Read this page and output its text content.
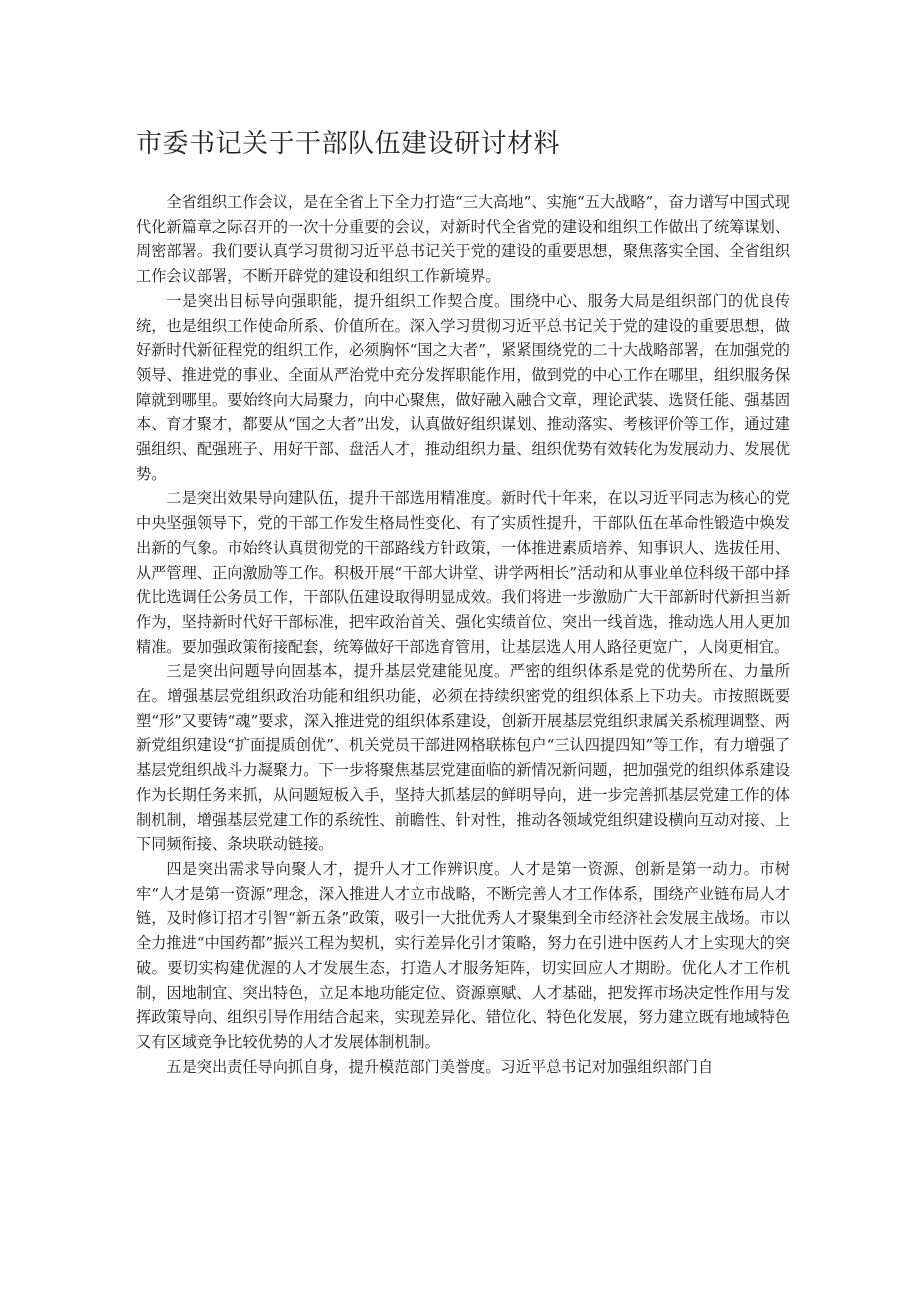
市委书记关于干部队伍建设研讨材料

全省组织工作会议，是在全省上下全力打造“三大高地”、实施“五大战略”，奋力谱写中国式现代化新篇章之际召开的一次十分重要的会议，对新时代全省党的建设和组织工作做出了统筹谋划、周密部署。我们要认真学习贯彻习近平总书记关于党的建设的重要思想，聚焦落实全国、全省组织工作会议部署，不断开辟党的建设和组织工作新境界。

一是突出目标导向强职能，提升组织工作契合度。围绕中心、服务大局是组织部门的优良传统，也是组织工作使命所系、价值所在。深入学习贯彻习近平总书记关于党的建设的重要思想，做好新时代新征程党的组织工作，必须胸怀“国之大者”，紧紧围绕党的二十大战略部署，在加强党的领导、推进党的事业、全面从严治党中充分发挥职能作用，做到党的中心工作在哪里，组织服务保障就到哪里。要始终向大局聚力，向中心聚焦，做好融入融合文章，理论武装、选贤任能、强基固本、育才聚才，都要从“国之大者”出发，认真做好组织谋划、推动落实、考核评价等工作，通过建强组织、配强班子、用好干部、盘活人才，推动组织力量、组织优势有效转化为发展动力、发展优势。

二是突出效果导向建队伍，提升干部选用精准度。新时代十年来，在以习近平同志为核心的党中央坚强领导下，党的干部工作发生格局性变化、有了实质性提升，干部队伍在革命性锻造中焕发出新的气象。市始终认真贯彻党的干部路线方针政策，一体推进素质培养、知事识人、选拔任用、从严管理、正向激励等工作。积极开展“干部大讲堂、讲学两相长”活动和从事业单位科级干部中择优比选调任公务员工作，干部队伍建设取得明显成效。我们将进一步激励广大干部新时代新担当新作为，坚持新时代好干部标准，把牢政治首关、强化实绩首位、突出一线首选，推动选人用人更加精准。要加强政策衔接配套，统筹做好干部选育管用，让基层选人用人路径更宽广，人岗更相宜。

三是突出问题导向固基本，提升基层党建能见度。严密的组织体系是党的优势所在、力量所在。增强基层党组织政治功能和组织功能，必须在持续织密党的组织体系上下功夫。市按照既要塑“形”又要铸“魂”要求，深入推进党的组织体系建设，创新开展基层党组织隶属关系梳理调整、两新党组织建设“扩面提质创优”、机关党员干部进网格联栋包户“三认四提四知”等工作，有力增强了基层党组织战斗力凝聚力。下一步将聚焦基层党建面临的新情况新问题，把加强党的组织体系建设作为长期任务来抓，从问题短板入手，坚持大抓基层的鲜明导向，进一步完善抓基层党建工作的体制机制，增强基层党建工作的系统性、前瞻性、针对性，推动各领域党组织建设横向互动对接、上下同频衔接、条块联动链接。

四是突出需求导向聚人才，提升人才工作辨识度。人才是第一资源、创新是第一动力。市树牢“人才是第一资源”理念，深入推进人才立市战略，不断完善人才工作体系，围绕产业链布局人才链，及时修订招才引智“新五条”政策，吸引一大批优秀人才聚集到全市经济社会发展主战场。市以全力推进“中国药都”振兴工程为契机，实行差异化引才策略，努力在引进中医药人才上实现大的突破。要切实构建优渥的人才发展生态，打造人才服务矩阵，切实回应人才期盼。优化人才工作机制，因地制宜、突出特色，立足本地功能定位、资源禀赋、人才基础，把发挥市场决定性作用与发挥政策导向、组织引导作用结合起来，实现差异化、错位化、特色化发展，努力建立既有地域特色又有区域竞争比较优势的人才发展体制机制。

五是突出责任导向抓自身，提升模范部门美誉度。习近平总书记对加强组织部门自
